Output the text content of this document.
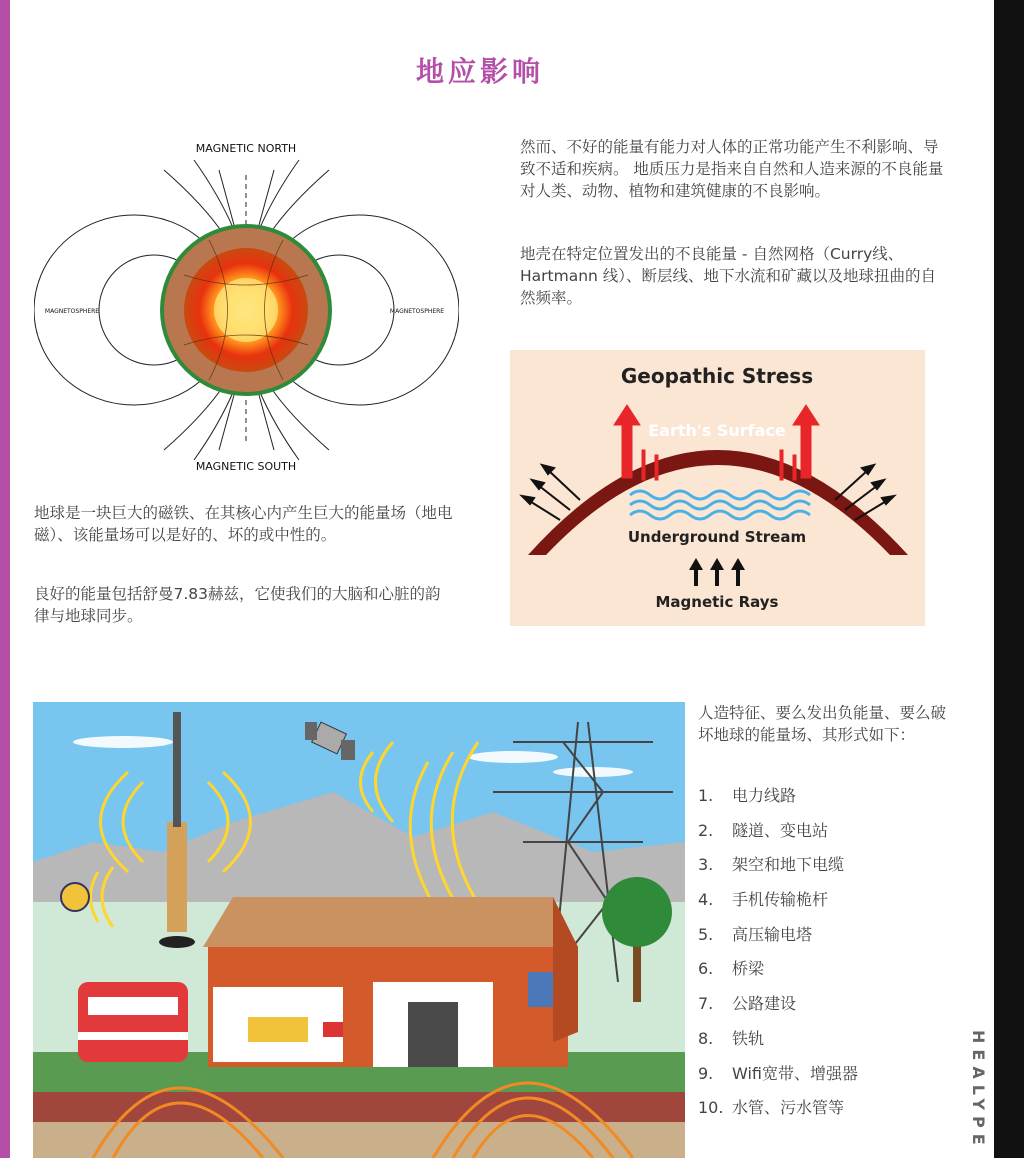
地应影响
MAGNETIC NORTH
MAGNETIC SOUTH
MAGNETOSPHERE	MAGNETOSPHERE

地球是一块巨大的磁铁、在其核心内产生巨大的能量场（地电磁）、该能量场可以是好的、坏的或中性的。

良好的能量包括舒曼7.83赫兹，它使我们的大脑和心脏的韵律与地球同步。

然而、不好的能量有能力对人体的正常功能产生不利影响、导致不适和疾病。 地质压力是指来自自然和人造来源的不良能量对人类、动物、植物和建筑健康的不良影响。

地壳在特定位置发出的不良能量 - 自然网格（Curry线、Hartmann 线）、断层线、地下水流和矿藏以及地球扭曲的自然频率。

Geopathic Stress
Earth's Surface
Underground Stream
Magnetic Rays

人造特征、要么发出负能量、要么破坏地球的能量场、其形式如下：

1.	电力线路
2.	隧道、变电站
3.	架空和地下电缆
4.	手机传输桅杆
5.	高压输电塔
6.	桥梁
7.	公路建设
8.	铁轨
9.	Wifi宽带、增强器
10. 水管、污水管等	HEALYPE
